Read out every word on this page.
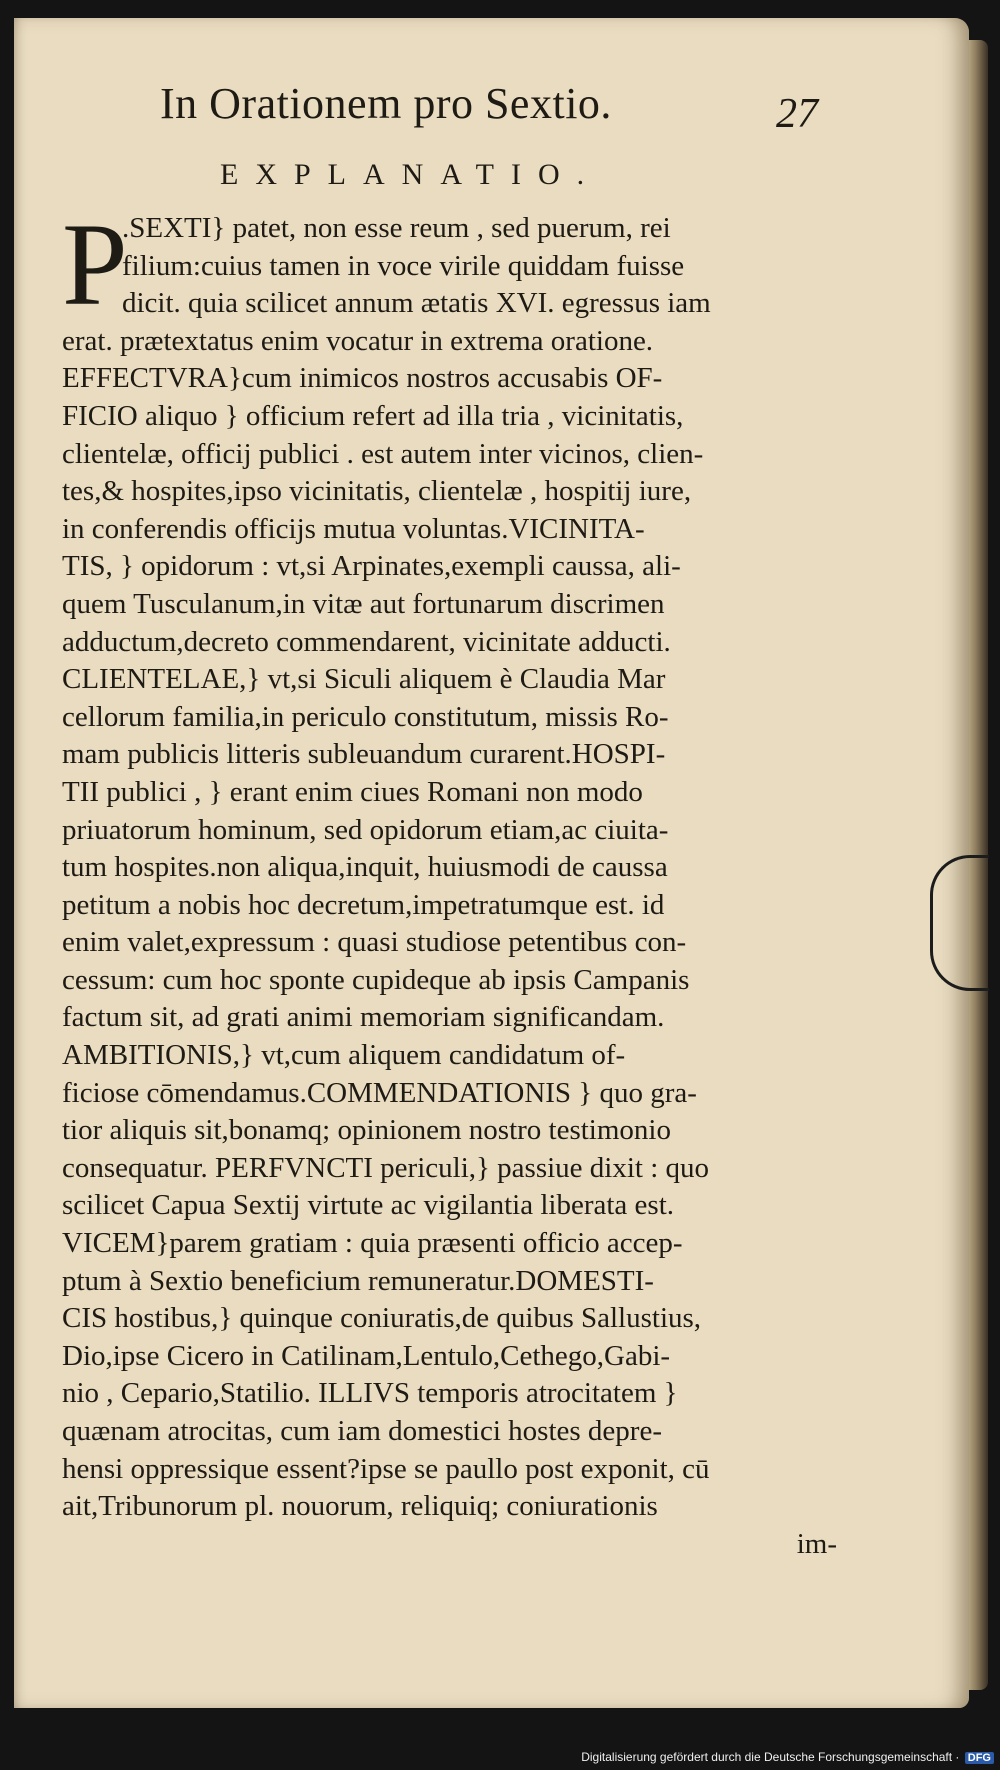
In Orationem pro Sextio.	27
EXPLANATIO.
P
.SEXTI} patet, non esse reum , sed puerum, rei
filium:cuius tamen in voce virile quiddam fuisse
dicit. quia scilicet annum ætatis XVI. egressus iam
erat. prætextatus enim vocatur in extrema oratione.
EFFECTVRA}cum inimicos nostros accusabis OF-
FICIO aliquo } officium refert ad illa tria , vicinitatis,
clientelæ, officij publici . est autem inter vicinos, clien-
tes,& hospites,ipso vicinitatis, clientelæ , hospitij iure,
in conferendis officijs mutua voluntas.VICINITA-
TIS, } opidorum : vt,si Arpinates,exempli caussa, ali-
quem Tusculanum,in vitæ aut fortunarum discrimen
adductum,decreto commendarent, vicinitate adducti.
CLIENTELAE,} vt,si Siculi aliquem è Claudia Mar
cellorum familia,in periculo constitutum, missis Ro-
mam publicis litteris subleuandum curarent.HOSPI-
TII publici , } erant enim ciues Romani non modo
priuatorum hominum, sed opidorum etiam,ac ciuita-
tum hospites.non aliqua,inquit, huiusmodi de caussa
petitum a nobis hoc decretum,impetratumque est. id
enim valet,expressum : quasi studiose petentibus con-
cessum: cum hoc sponte cupideque ab ipsis Campanis
factum sit, ad grati animi memoriam significandam.
AMBITIONIS,} vt,cum aliquem candidatum of-
ficiose cōmendamus.COMMENDATIONIS } quo gra-
tior aliquis sit,bonamq; opinionem nostro testimonio
consequatur. PERFVNCTI periculi,} passiue dixit : quo
scilicet Capua Sextij virtute ac vigilantia liberata est.
VICEM}parem gratiam : quia præsenti officio accep-
ptum à Sextio beneficium remuneratur.DOMESTI-
CIS hostibus,} quinque coniuratis,de quibus Sallustius,
Dio,ipse Cicero in Catilinam,Lentulo,Cethego,Gabi-
nio , Cepario,Statilio. ILLIVS temporis atrocitatem }
quænam atrocitas, cum iam domestici hostes depre-
hensi oppressique essent?ipse se paullo post exponit, cū
ait,Tribunorum pl. nouorum, reliquiq; coniurationis
im-
Digitalisierung gefördert durch die Deutsche Forschungsgemeinschaft · DFG
